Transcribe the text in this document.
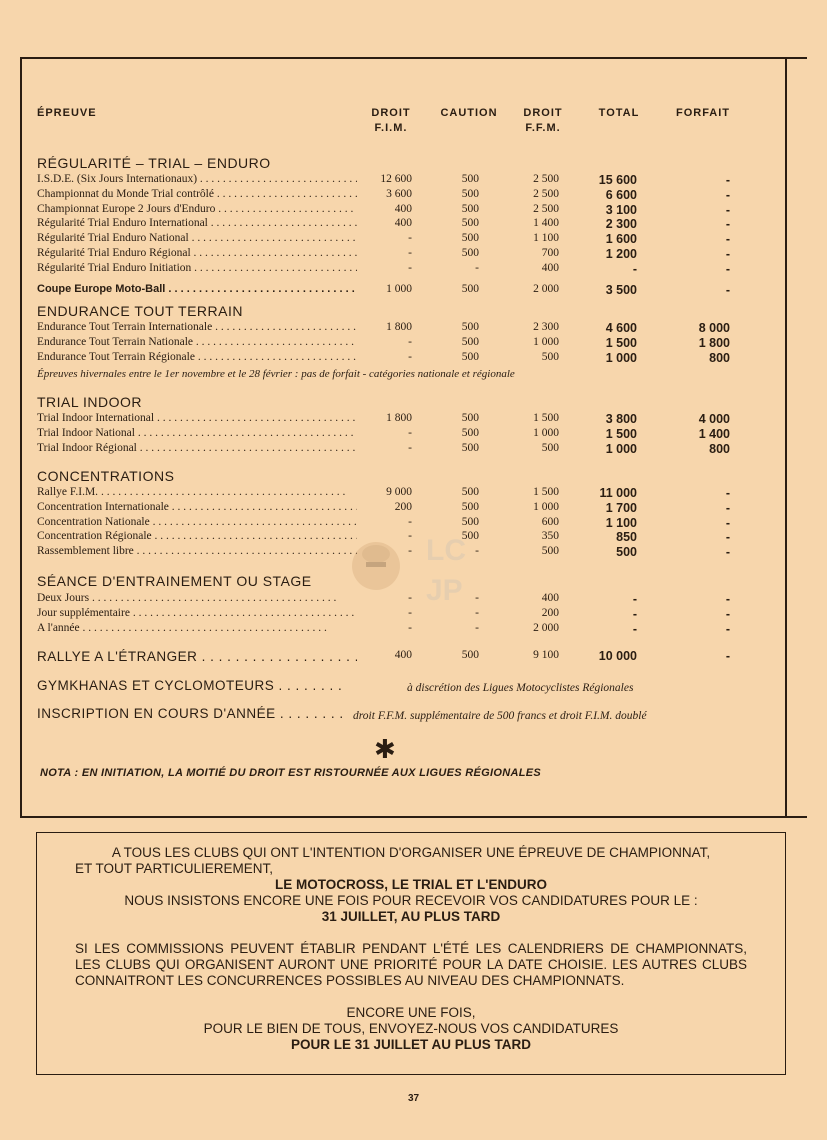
ÉPREUVE	DROIT
F.I.M.
CAUTION	DROIT
F.F.M.
TOTAL	FORFAIT
RÉGULARITÉ – TRIAL – ENDURO
I.S.D.E. (Six Jours Internationaux) . . .	12 600	500	2 500	15 600	-
Championnat du Monde Trial contrôlé . . .	3 600	500	2 500	6 600	-
Championnat Europe 2 Jours d'Enduro . . .	400	500	2 500	3 100	-
Régularité Trial Enduro International . . .	400	500	1 400	2 300	-
Régularité Trial Enduro National . . .	-	500	1 100	1 600	-
Régularité Trial Enduro Régional . . .	-	500	700	1 200	-
Régularité Trial Enduro Initiation . . .	-	-	400	-	-
Coupe Europe Moto-Ball . . .	1 000	500	2 000	3 500	-
ENDURANCE TOUT TERRAIN
Endurance Tout Terrain Internationale . . .	1 800	500	2 300	4 600	8 000
Endurance Tout Terrain Nationale . . .	-	500	1 000	1 500	1 800
Endurance Tout Terrain Régionale . . .	-	500	500	1 000	800
Épreuves hivernales entre le 1er novembre et le 28 février : pas de forfait - catégories nationale et régionale
TRIAL INDOOR
Trial Indoor International . . .	1 800	500	1 500	3 800	4 000
Trial Indoor National . . .	-	500	1 000	1 500	1 400
Trial Indoor Régional . . .	-	500	500	1 000	800
CONCENTRATIONS
Rallye F.I.M. . . .	9 000	500	1 500	11 000	-
Concentration Internationale . . .	200	500	1 000	1 700	-
Concentration Nationale . . .	-	500	600	1 100	-
Concentration Régionale . . .	-	500	350	850	-
Rassemblement libre . . .	-	-	500	500	-
SÉANCE D'ENTRAINEMENT OU STAGE
Deux Jours . . .	-	-	400	-	-
Jour supplémentaire . . .	-	-	200	-	-
A l'année . . .	-	-	2 000	-	-
RALLYE A L'ÉTRANGER . . .	400	500	9 100	10 000	-
GYMKHANAS ET CYCLOMOTEURS . . .	à discrétion des Ligues Motocyclistes Régionales
INSCRIPTION EN COURS D'ANNÉE . . .	droit F.F.M. supplémentaire de 500 francs et droit F.I.M. doublé
✱
NOTA : EN INITIATION, LA MOITIÉ DU DROIT EST RISTOURNÉE AUX LIGUES RÉGIONALES
LC
JP

A TOUS LES CLUBS QUI ONT L'INTENTION D'ORGANISER UNE ÉPREUVE DE CHAMPIONNAT,

ET TOUT PARTICULIEREMENT,

LE MOTOCROSS, LE TRIAL ET L'ENDURO

NOUS INSISTONS ENCORE UNE FOIS POUR RECEVOIR VOS CANDIDATURES POUR LE :

31 JUILLET, AU PLUS TARD

SI LES COMMISSIONS PEUVENT ÉTABLIR PENDANT L'ÉTÉ LES CALENDRIERS DE CHAMPIONNATS, LES CLUBS QUI ORGANISENT AURONT UNE PRIORITÉ POUR LA DATE CHOISIE. LES AUTRES CLUBS CONNAITRONT LES CONCURRENCES POSSIBLES AU NIVEAU DES CHAMPIONNATS.

ENCORE UNE FOIS,

POUR LE BIEN DE TOUS, ENVOYEZ-NOUS VOS CANDIDATURES

POUR LE 31 JUILLET AU PLUS TARD

37
